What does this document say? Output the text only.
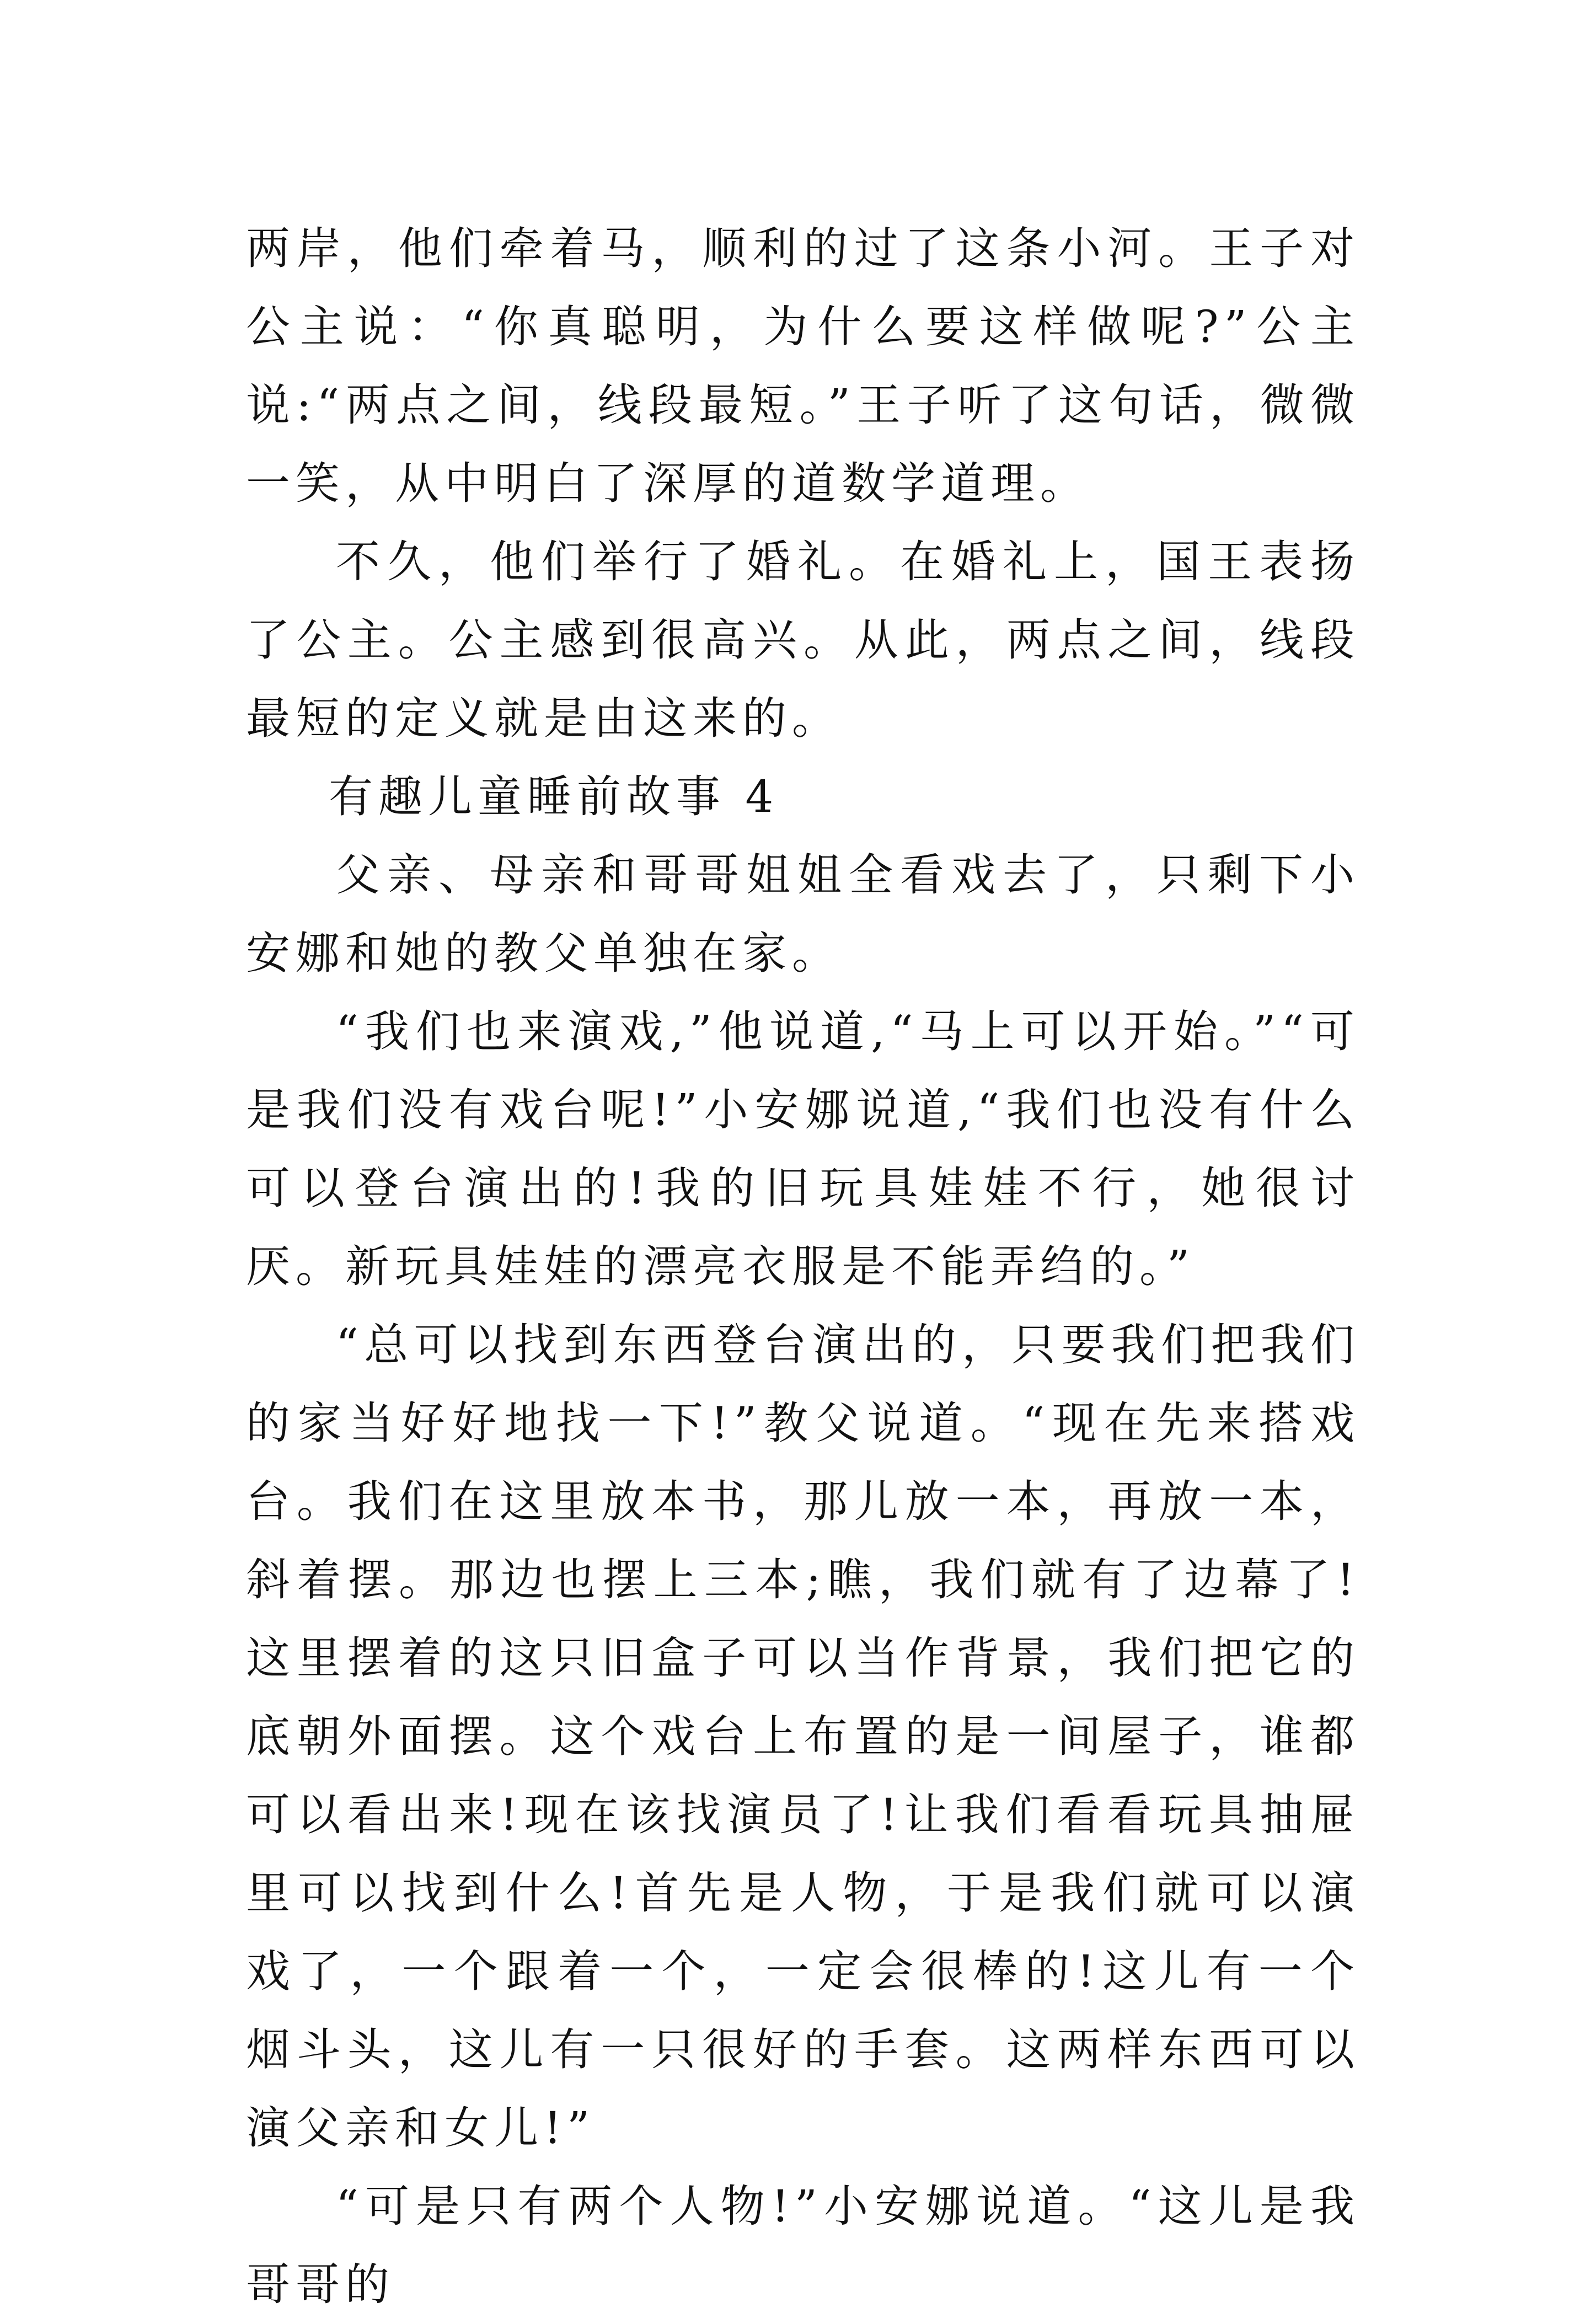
两岸，他们牵着马，顺利的过了这条小河。王子对公主说：“你真聪明，为什么要这样做呢?”公主说:“两点之间，线段最短。”王子听了这句话，微微一笑，从中明白了深厚的道数学道理。

不久，他们举行了婚礼。在婚礼上，国王表扬了公主。公主感到很高兴。从此，两点之间，线段最短的定义就是由这来的。

有趣儿童睡前故事 4

父亲、母亲和哥哥姐姐全看戏去了，只剩下小安娜和她的教父单独在家。

“我们也来演戏,”他说道,“马上可以开始。”“可是我们没有戏台呢!”小安娜说道,“我们也没有什么可以登台演出的!我的旧玩具娃娃不行，她很讨厌。新玩具娃娃的漂亮衣服是不能弄绉的。”

“总可以找到东西登台演出的，只要我们把我们的家当好好地找一下!”教父说道。“现在先来搭戏台。我们在这里放本书，那儿放一本，再放一本，斜着摆。那边也摆上三本;瞧，我们就有了边幕了!这里摆着的这只旧盒子可以当作背景，我们把它的底朝外面摆。这个戏台上布置的是一间屋子，谁都可以看出来!现在该找演员了!让我们看看玩具抽屉里可以找到什么!首先是人物，于是我们就可以演戏了，一个跟着一个，一定会很棒的!这儿有一个烟斗头，这儿有一只很好的手套。这两样东西可以演父亲和女儿!”

“可是只有两个人物!”小安娜说道。“这儿是我哥哥的
